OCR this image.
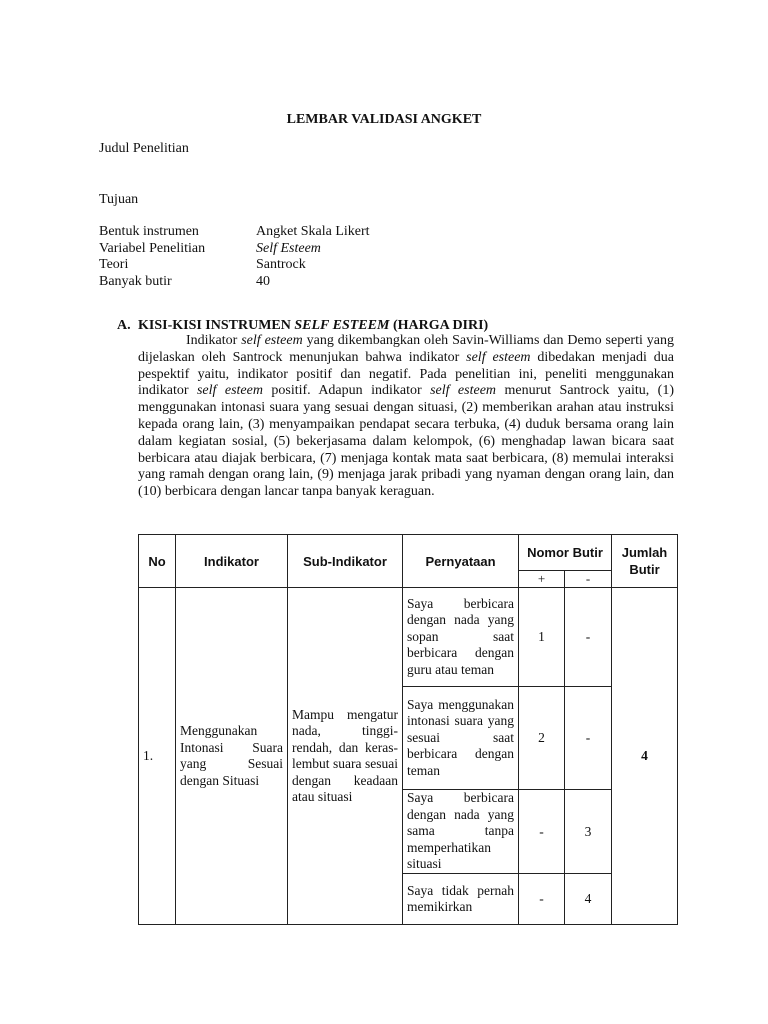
LEMBAR VALIDASI ANGKET
Judul Penelitian
Tujuan
Bentuk instrumen	Angket Skala Likert
Variabel Penelitian	Self Esteem
Teori	Santrock
Banyak butir	40
A. KISI-KISI INSTRUMEN SELF ESTEEM (HARGA DIRI)
Indikator self esteem yang dikembangkan oleh Savin-Williams dan Demo seperti yang dijelaskan oleh Santrock menunjukan bahwa indikator self esteem dibedakan menjadi dua pespektif yaitu, indikator positif dan negatif. Pada penelitian ini, peneliti menggunakan indikator self esteem positif. Adapun indikator self esteem menurut Santrock yaitu, (1) menggunakan intonasi suara yang sesuai dengan situasi, (2) memberikan arahan atau instruksi kepada orang lain, (3) menyampaikan pendapat secara terbuka, (4) duduk bersama orang lain dalam kegiatan sosial, (5) bekerjasama dalam kelompok, (6) menghadap lawan bicara saat berbicara atau diajak berbicara, (7) menjaga kontak mata saat berbicara, (8) memulai interaksi yang ramah dengan orang lain, (9) menjaga jarak pribadi yang nyaman dengan orang lain, dan (10) berbicara dengan lancar tanpa banyak keraguan.
No	Indikator	Sub-Indikator	Pernyataan	Nomor Butir		Jumlah Butir
				+	-	
1.	Menggunakan Intonasi Suara yang Sesuai dengan Situasi	Mampu mengatur nada, tinggi-rendah, dan keras-lembut suara sesuai dengan keadaan atau situasi	Saya berbicara dengan nada yang sopan saat berbicara dengan guru atau teman	1	-	4
			Saya menggunakan intonasi suara yang sesuai saat berbicara dengan teman	2	-	
			Saya berbicara dengan nada yang sama tanpa memperhatikan situasi	-	3	
			Saya tidak pernah memikirkan	-	4	
